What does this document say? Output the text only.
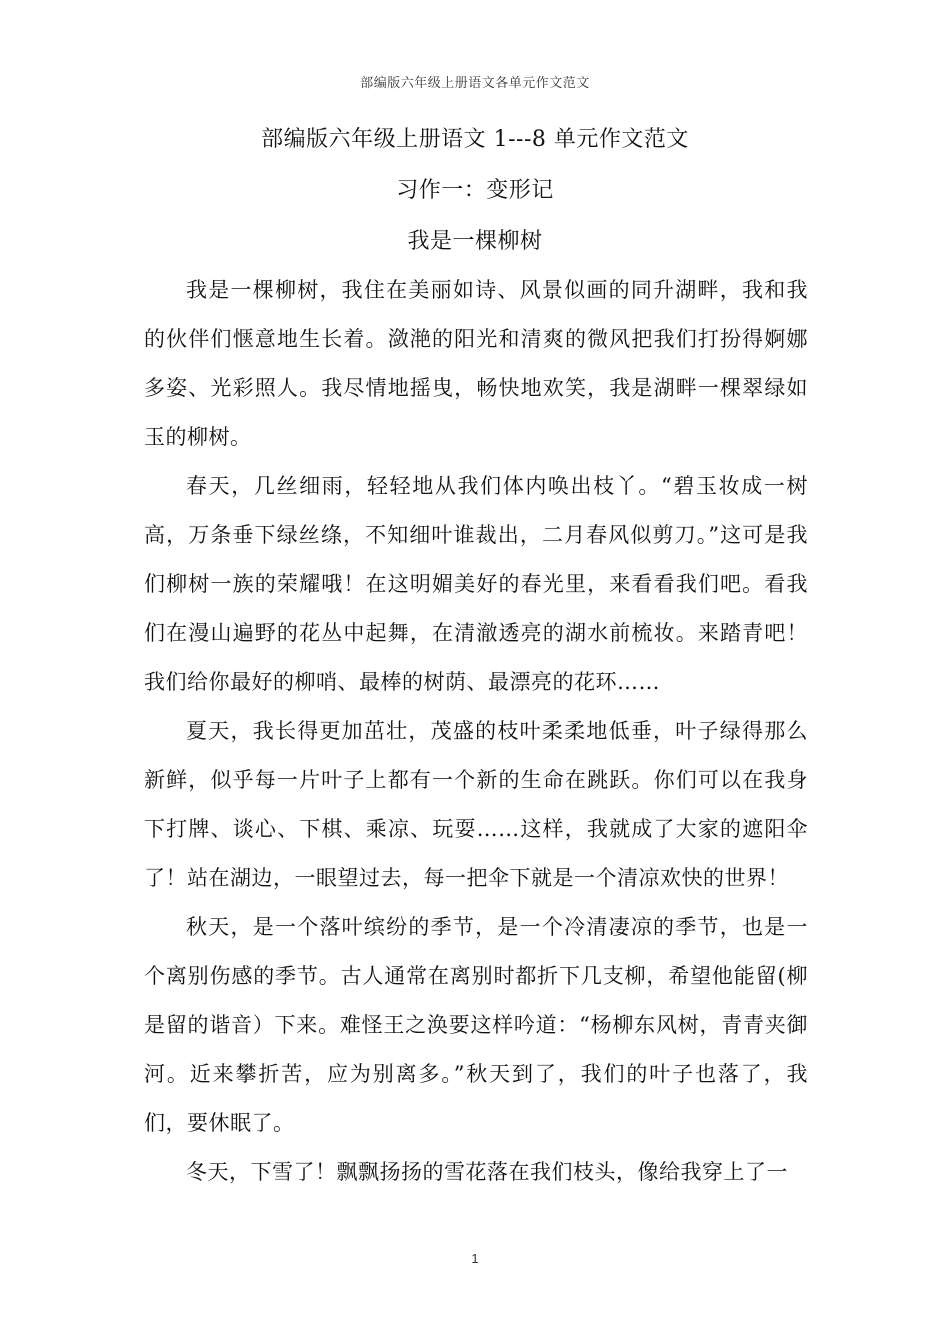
部编版六年级上册语文各单元作文范文
部编版六年级上册语文 1---8 单元作文范文
习作一：变形记
我是一棵柳树

我是一棵柳树，我住在美丽如诗、风景似画的同升湖畔，我和我的伙伴们惬意地生长着。潋滟的阳光和清爽的微风把我们打扮得婀娜多姿、光彩照人。我尽情地摇曳，畅快地欢笑，我是湖畔一棵翠绿如玉的柳树。

春天，几丝细雨，轻轻地从我们体内唤出枝丫。“碧玉妆成一树高，万条垂下绿丝绦，不知细叶谁裁出，二月春风似剪刀。”这可是我们柳树一族的荣耀哦！在这明媚美好的春光里，来看看我们吧。看我们在漫山遍野的花丛中起舞，在清澈透亮的湖水前梳妆。来踏青吧！我们给你最好的柳哨、最棒的树荫、最漂亮的花环……

夏天，我长得更加茁壮，茂盛的枝叶柔柔地低垂，叶子绿得那么新鲜，似乎每一片叶子上都有一个新的生命在跳跃。你们可以在我身下打牌、谈心、下棋、乘凉、玩耍……这样，我就成了大家的遮阳伞了！站在湖边，一眼望过去，每一把伞下就是一个清凉欢快的世界！

秋天，是一个落叶缤纷的季节，是一个冷清凄凉的季节，也是一个离别伤感的季节。古人通常在离别时都折下几支柳，希望他能留(柳是留的谐音）下来。难怪王之涣要这样吟道：“杨柳东风树，青青夹御河。近来攀折苦，应为别离多。”秋天到了，我们的叶子也落了，我们，要休眠了。

冬天，下雪了！飘飘扬扬的雪花落在我们枝头，像给我穿上了一

1
